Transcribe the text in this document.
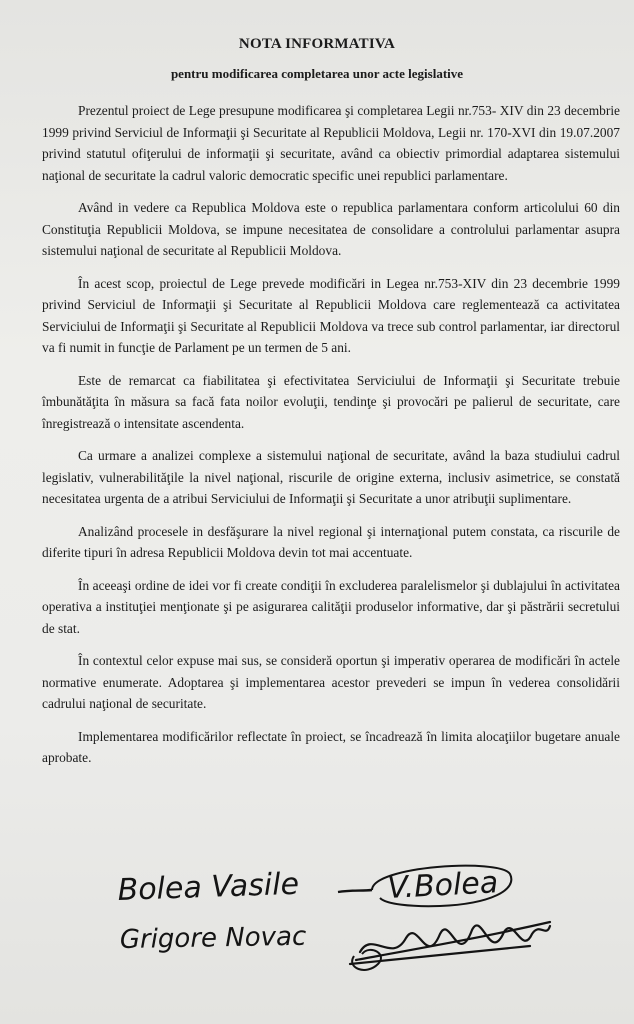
NOTA INFORMATIVA
pentru modificarea completarea unor acte legislative

Prezentul proiect de Lege presupune modificarea şi completarea Legii nr.753- XIV din 23 decembrie 1999 privind Serviciul de Informaţii şi Securitate al Republicii Moldova, Legii nr. 170-XVI din 19.07.2007 privind statutul ofiţerului de informaţii şi securitate, având ca obiectiv primordial adaptarea sistemului naţional de securitate la cadrul valoric democratic specific unei republici parlamentare.

Având in vedere ca Republica Moldova este o republica parlamentara conform articolului 60 din Constituţia Republicii Moldova, se impune necesitatea de consolidare a controlului parlamentar asupra sistemului naţional de securitate al Republicii Moldova.

În acest scop, proiectul de Lege prevede modificări in Legea nr.753-XIV din 23 decembrie 1999 privind Serviciul de Informaţii şi Securitate al Republicii Moldova care reglementează ca activitatea Serviciului de Informaţii şi Securitate al Republicii Moldova va trece sub control parlamentar, iar directorul va fi numit in funcţie de Parlament pe un termen de 5 ani.

Este de remarcat ca fiabilitatea şi efectivitatea Serviciului de Informaţii şi Securitate trebuie îmbunătăţita în măsura sa facă fata noilor evoluţii, tendinţe şi provocări pe palierul de securitate, care înregistrează o intensitate ascendenta.

Ca urmare a analizei complexe a sistemului naţional de securitate, având la baza studiului cadrul legislativ, vulnerabilităţile la nivel naţional, riscurile de origine externa, inclusiv asimetrice, se constată necesitatea urgenta de a atribui Serviciului de Informaţii şi Securitate a unor atribuţii suplimentare.

Analizând procesele in desfăşurare la nivel regional şi internaţional putem constata, ca riscurile de diferite tipuri în adresa Republicii Moldova devin tot mai accentuate.

În aceeaşi ordine de idei vor fi create condiţii în excluderea paralelismelor şi dublajului în activitatea operativa a instituţiei menţionate şi pe asigurarea calităţii produselor informative, dar şi păstrării secretului de stat.

În contextul celor expuse mai sus, se consideră oportun şi imperativ operarea de modificări în actele normative enumerate. Adoptarea şi implementarea acestor prevederi se impun în vederea consolidării cadrului naţional de securitate.

Implementarea modificărilor reflectate în proiect, se încadrează în limita alocaţiilor bugetare anuale aprobate.

Bolea Vasile	V.Bolea
Grigore Novac
